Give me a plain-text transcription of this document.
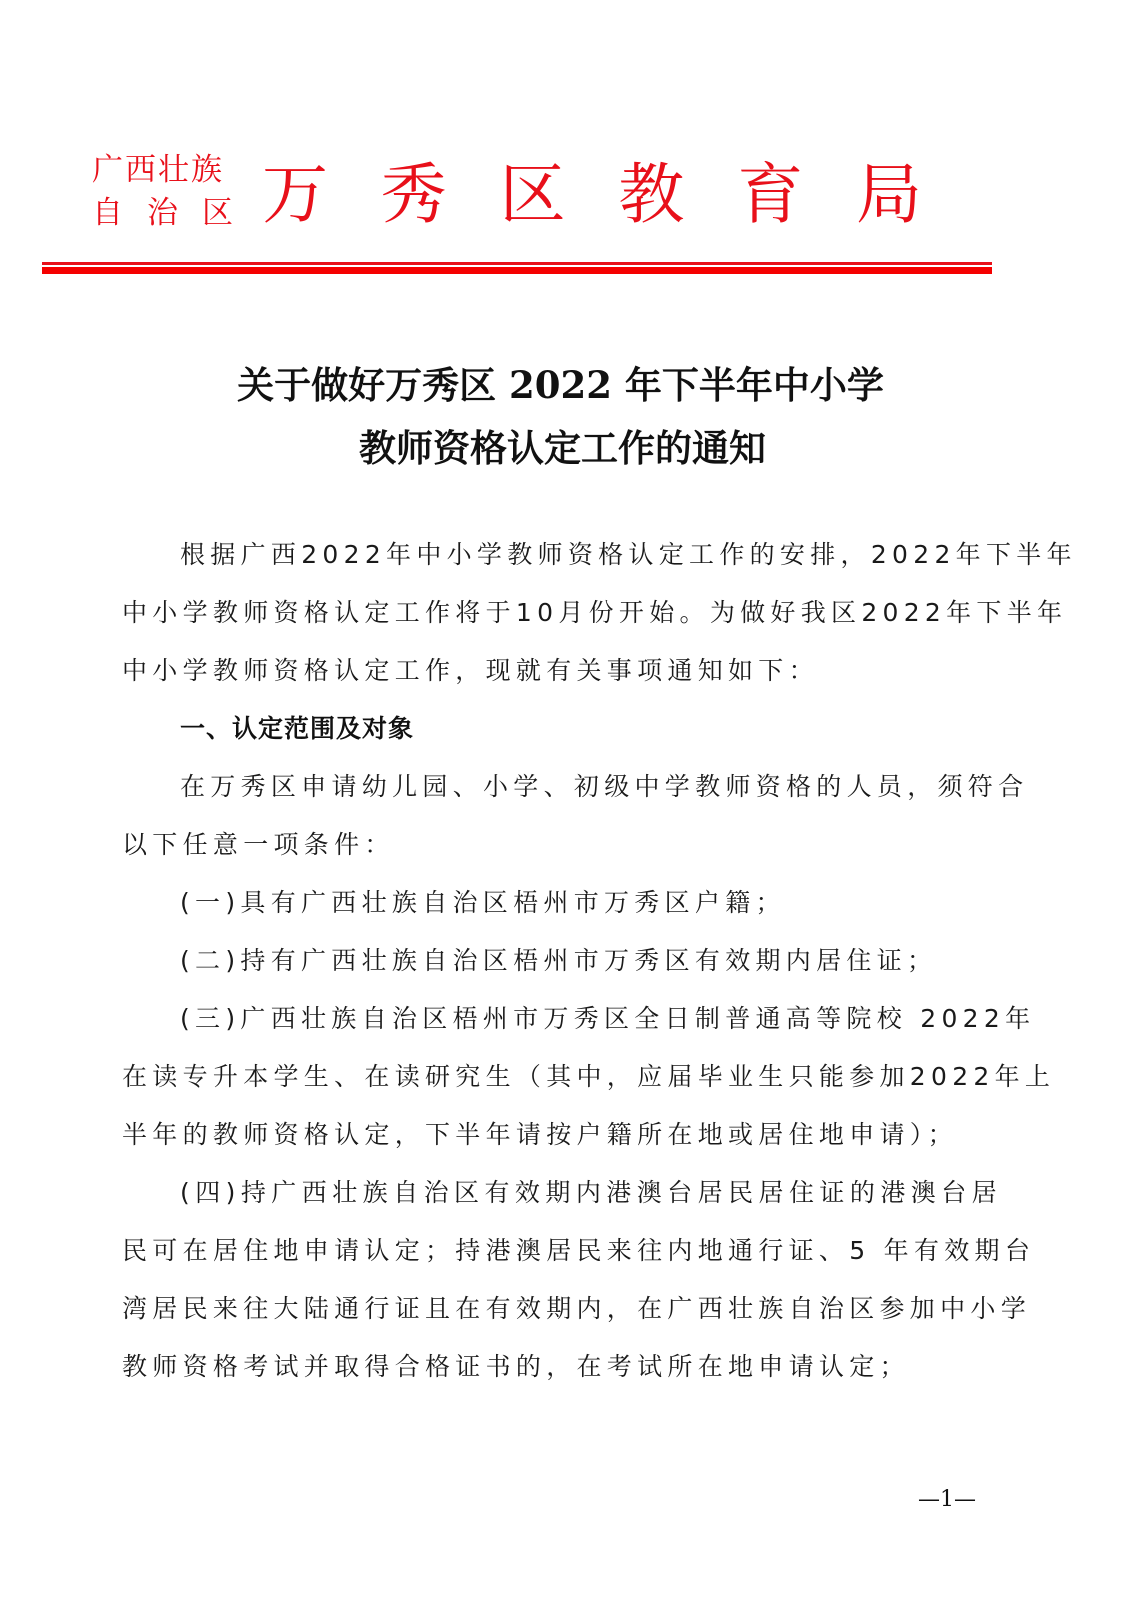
广西壮族
自治区 万 秀 区 教 育 局
关于做好万秀区 2022 年下半年中小学
教师资格认定工作的通知
根据广西2022年中小学教师资格认定工作的安排，2022年下半年
中小学教师资格认定工作将于10月份开始。为做好我区2022年下半年
中小学教师资格认定工作，现就有关事项通知如下：
一、认定范围及对象
在万秀区申请幼儿园、小学、初级中学教师资格的人员，须符合
以下任意一项条件：
(一)具有广西壮族自治区梧州市万秀区户籍；
(二)持有广西壮族自治区梧州市万秀区有效期内居住证；
(三)广西壮族自治区梧州市万秀区全日制普通高等院校 2022年
在读专升本学生、在读研究生（其中，应届毕业生只能参加2022年上
半年的教师资格认定，下半年请按户籍所在地或居住地申请）；
(四)持广西壮族自治区有效期内港澳台居民居住证的港澳台居
民可在居住地申请认定；持港澳居民来往内地通行证、5 年有效期台
湾居民来往大陆通行证且在有效期内，在广西壮族自治区参加中小学
教师资格考试并取得合格证书的，在考试所在地申请认定；
—1—
